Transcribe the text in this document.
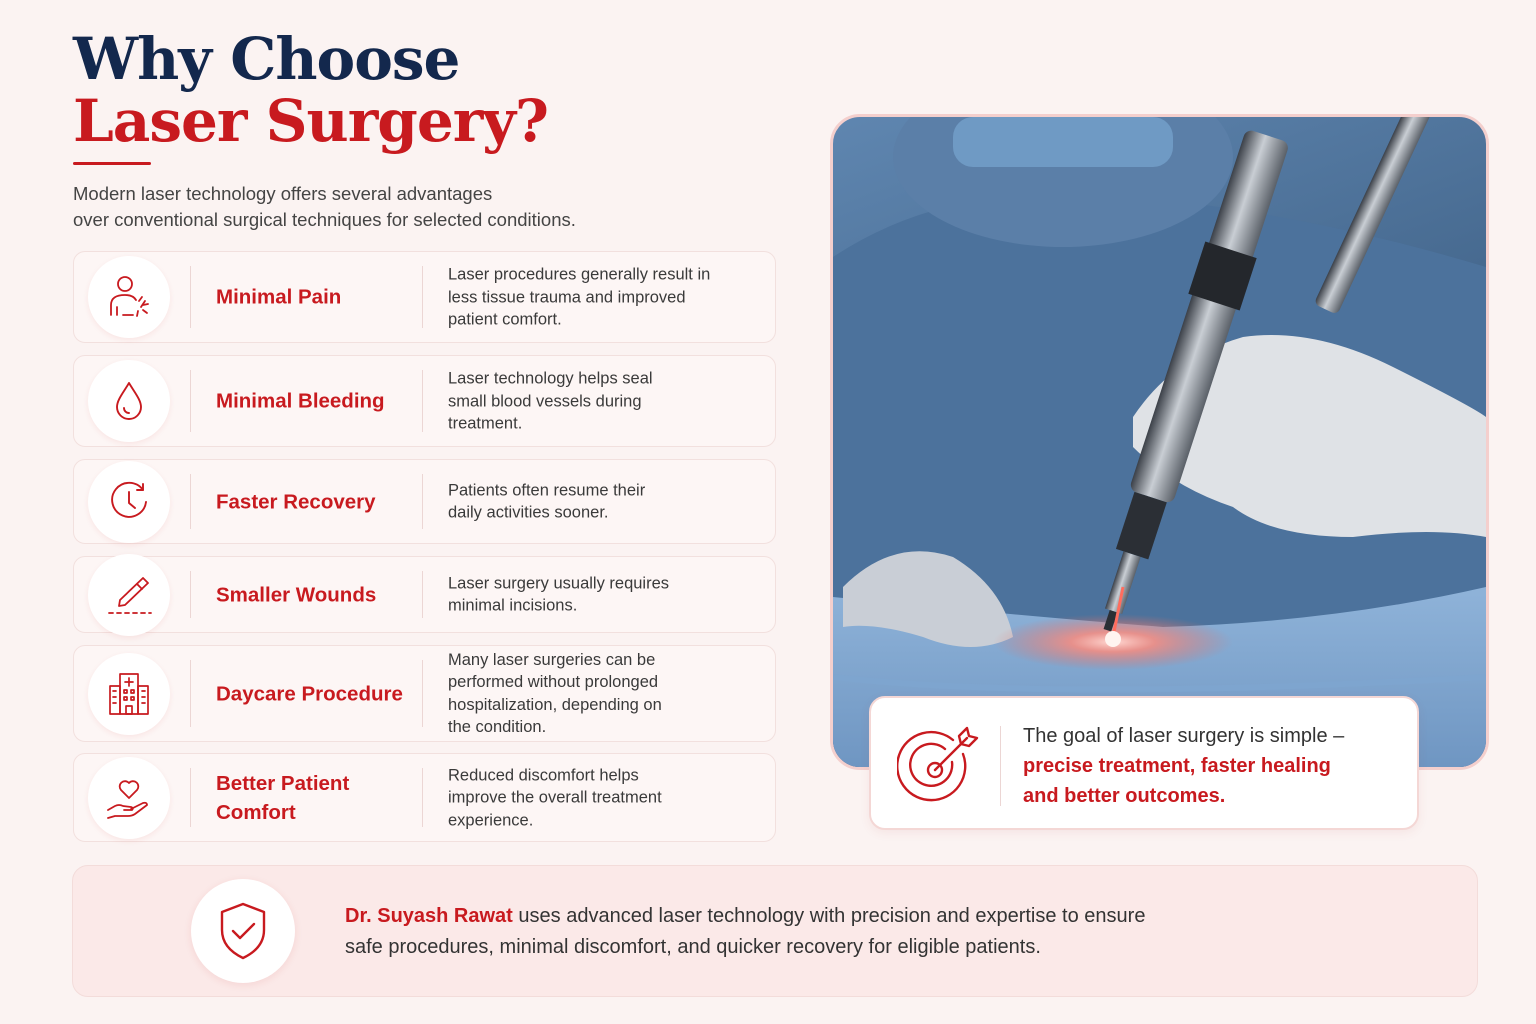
Why Choose
Laser Surgery?
Modern laser technology offers several advantages
over conventional surgical techniques for selected conditions.
Minimal Pain
Laser procedures generally result in
less tissue trauma and improved
patient comfort.
Minimal Bleeding
Laser technology helps seal
small blood vessels during
treatment.
Faster Recovery	Patients often resume their
daily activities sooner.
Smaller Wounds	Laser surgery usually requires
minimal incisions.
Daycare Procedure
Many laser surgeries can be
performed without prolonged
hospitalization, depending on
the condition.
Better Patient
Comfort
Reduced discomfort helps
improve the overall treatment
experience.
The goal of laser surgery is simple –
precise treatment, faster healing
and better outcomes.
Dr. Suyash Rawat uses advanced laser technology with precision and expertise to ensure
safe procedures, minimal discomfort, and quicker recovery for eligible patients.
